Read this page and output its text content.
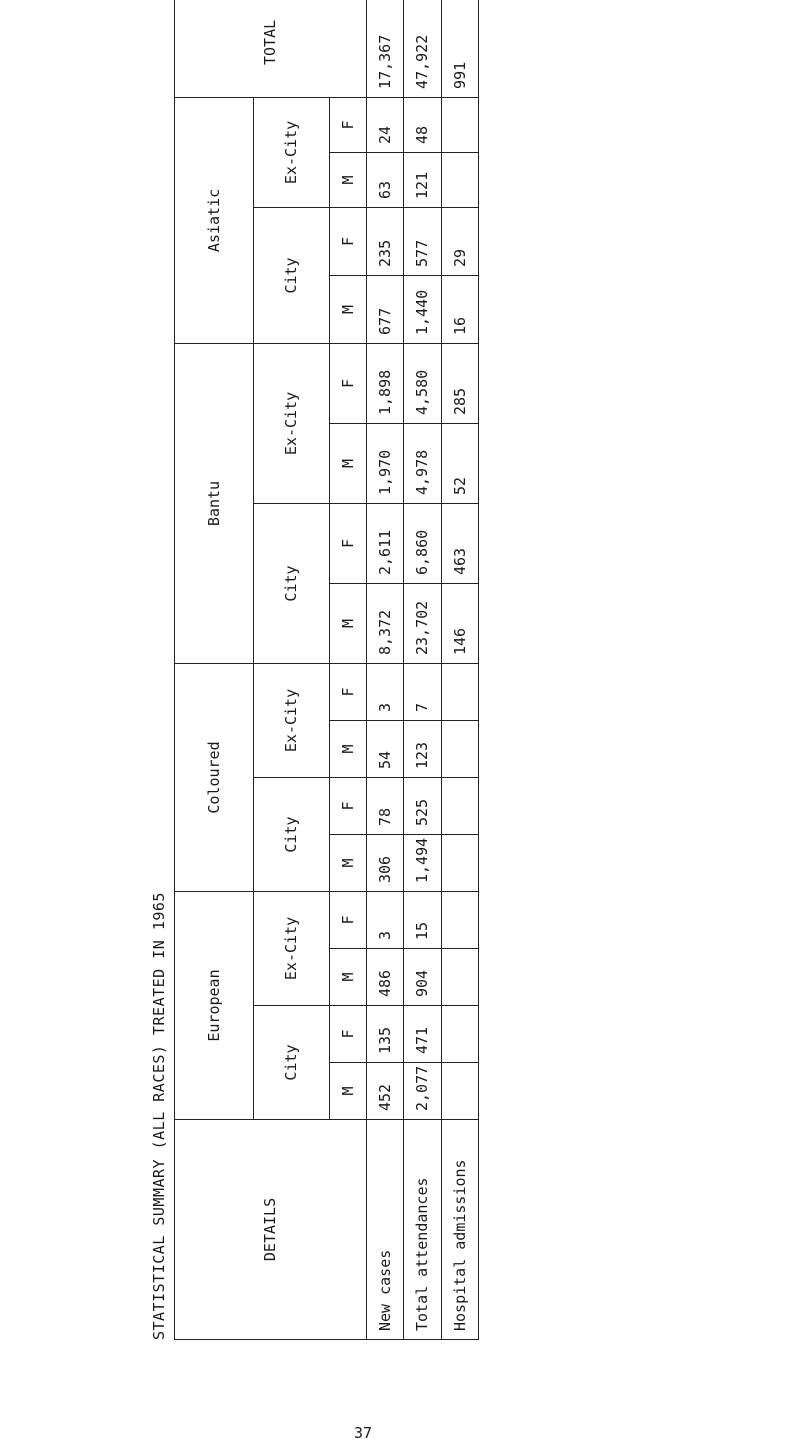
STATISTICAL SUMMARY (ALL RACES) TREATED IN 1965	DETAILS	European				Coloured				Bantu				Asiatic				TOTAL
	City		Ex-City		City		Ex-City		City		Ex-City		City		Ex-City		
	M	F	M	F	M	F	M	F	M	F	M	F	M	F	M	F	
New cases	452	135	486	3	306	78	54	3	8,372	2,611	1,970	1,898	677	235	63	24	17,367
Total attendances	2,077	471	904	15	1,494	525	123	7	23,702	6,860	4,978	4,580	1,440	577	121	48	47,922
Hospital admissions									146	463	52	285	16	29			991
37
